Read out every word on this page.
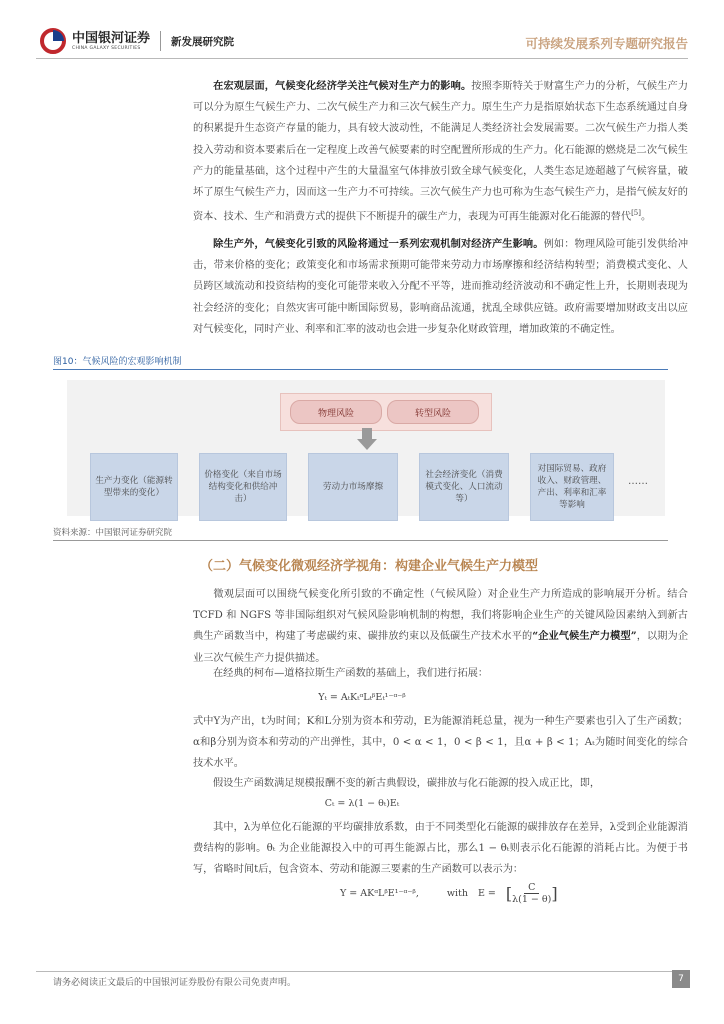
中国银河证券
CHINA GALAXY SECURITIES
新发展研究院	可持续发展系列专题研究报告
在宏观层面，气候变化经济学关注气候对生产力的影响。按照李斯特关于财富生产力的分析，气候生产力可以分为原生气候生产力、二次气候生产力和三次气候生产力。原生生产力是指原始状态下生态系统通过自身的积累提升生态资产存量的能力，具有较大波动性，不能满足人类经济社会发展需要。二次气候生产力指人类投入劳动和资本要素后在一定程度上改善气候要素的时空配置所形成的生产力。化石能源的燃烧是二次气候生产力的能量基础，这个过程中产生的大量温室气体排放引致全球气候变化，人类生态足迹超越了气候容量，破坏了原生气候生产力，因而这一生产力不可持续。三次气候生产力也可称为生态气候生产力，是指气候友好的资本、技术、生产和消费方式的提供下不断提升的碳生产力，表现为可再生能源对化石能源的替代[5]。
除生产外，气候变化引致的风险将通过一系列宏观机制对经济产生影响。例如：物理风险可能引发供给冲击，带来价格的变化；政策变化和市场需求预期可能带来劳动力市场摩擦和经济结构转型；消费模式变化、人员跨区域流动和投资结构的变化可能带来收入分配不平等，进而推动经济波动和不确定性上升，长期则表现为社会经济的变化；自然灾害可能中断国际贸易，影响商品流通，扰乱全球供应链。政府需要增加财政支出以应对气候变化，同时产业、利率和汇率的波动也会进一步复杂化财政管理，增加政策的不确定性。
图10：气候风险的宏观影响机制
物理风险	转型风险
生产力变化（能源转型带来的变化）
价格变化（来自市场结构变化和供给冲击）
劳动力市场摩擦
社会经济变化（消费模式变化、人口流动等）
对国际贸易、政府收入、财政管理、产出、利率和汇率等影响
……
资料来源：中国银河证券研究院
（二）气候变化微观经济学视角：构建企业气候生产力模型
微观层面可以围绕气候变化所引致的不确定性（气候风险）对企业生产力所造成的影响展开分析。结合 TCFD 和 NGFS 等非国际组织对气候风险影响机制的构想，我们将影响企业生产的关键风险因素纳入到新古典生产函数当中，构建了考虑碳约束、碳排放约束以及低碳生产技术水平的“企业气候生产力模型”，以期为企业三次气候生产力提供描述。
在经典的柯布—道格拉斯生产函数的基础上，我们进行拓展：
Yₜ = AₜKₜᵅLₜᵝEₜ¹⁻ᵅ⁻ᵝ
式中Y为产出，t为时间；K和L分别为资本和劳动，E为能源消耗总量，视为一种生产要素也引入了生产函数；α和β分别为资本和劳动的产出弹性，其中，0 < α < 1，0 < β < 1，且α + β < 1；Aₜ为随时间变化的综合技术水平。
假设生产函数满足规模报酬不变的新古典假设，碳排放与化石能源的投入成正比，即，
Cₜ = λ(1 − θₜ)Eₜ
其中，λ为单位化石能源的平均碳排放系数，由于不同类型化石能源的碳排放存在差异，λ受到企业能源消费结构的影响。θₜ 为企业能源投入中的可再生能源占比，那么1 − θₜ则表示化石能源的消耗占比。为便于书写，省略时间t后，包含资本、劳动和能源三要素的生产函数可以表示为：
Y = AKᵅLᵝE¹⁻ᵅ⁻ᵝ,	with E = [ $\frac{C}{\lambda(1 - \theta)}$ ]
请务必阅读正文最后的中国银河证券股份有限公司免责声明。	7
